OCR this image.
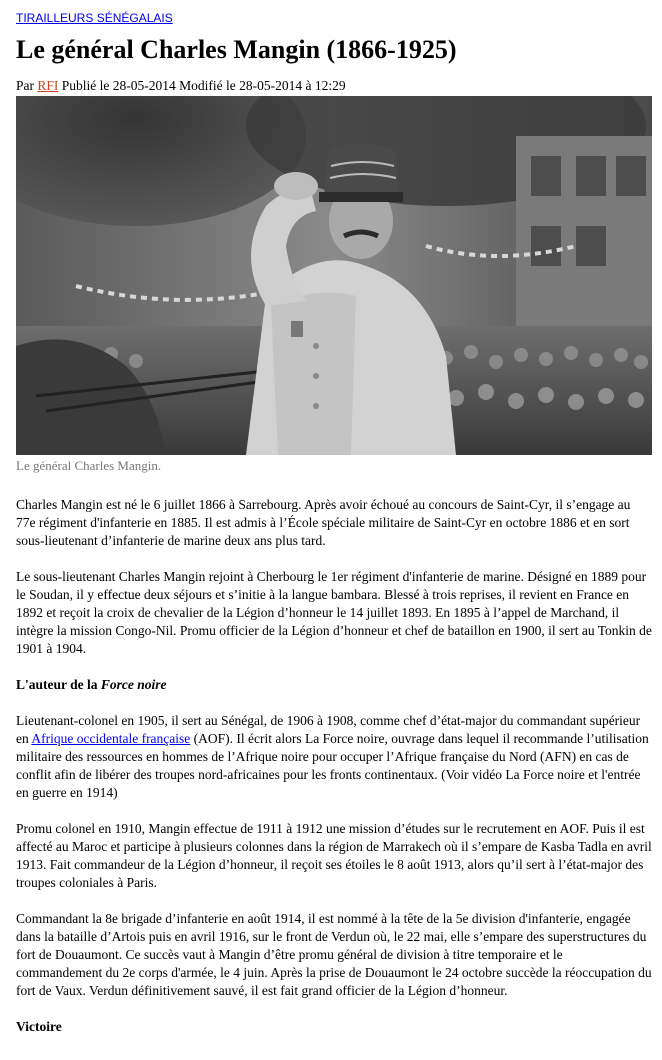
TIRAILLEURS SÉNÉGALAIS
Le général Charles Mangin (1866-1925)
Par RFI Publié le 28-05-2014 Modifié le 28-05-2014 à 12:29
Le général Charles Mangin.

Charles Mangin est né le 6 juillet 1866 à Sarrebourg. Après avoir échoué au concours de Saint-Cyr, il s’engage au 77e régiment d'infanterie en 1885. Il est admis à l’École spéciale militaire de Saint-Cyr en octobre 1886 et en sort sous-lieutenant d’infanterie de marine deux ans plus tard.

Le sous-lieutenant Charles Mangin rejoint à Cherbourg le 1er régiment d'infanterie de marine. Désigné en 1889 pour le Soudan, il y effectue deux séjours et s’initie à la langue bambara. Blessé à trois reprises, il revient en France en 1892 et reçoit la croix de chevalier de la Légion d’honneur le 14 juillet 1893. En 1895 à l’appel de Marchand, il intègre la mission Congo-Nil. Promu officier de la Légion d’honneur et chef de bataillon en 1900, il sert au Tonkin de 1901 à 1904.

L'auteur de la Force noire

Lieutenant-colonel en 1905, il sert au Sénégal, de 1906 à 1908, comme chef d’état-major du commandant supérieur en Afrique occidentale française (AOF). Il écrit alors La Force noire, ouvrage dans lequel il recommande l’utilisation militaire des ressources en hommes de l’Afrique noire pour occuper l’Afrique française du Nord (AFN) en cas de conflit afin de libérer des troupes nord-africaines pour les fronts continentaux. (Voir vidéo La Force noire et l'entrée en guerre en 1914)

Promu colonel en 1910, Mangin effectue de 1911 à 1912 une mission d’études sur le recrutement en AOF. Puis il est affecté au Maroc et participe à plusieurs colonnes dans la région de Marrakech où il s’empare de Kasba Tadla en avril 1913. Fait commandeur de la Légion d’honneur, il reçoit ses étoiles le 8 août 1913, alors qu’il sert à l’état-major des troupes coloniales à Paris.

Commandant la 8e brigade d’infanterie en août 1914, il est nommé à la tête de la 5e division d'infanterie, engagée dans la bataille d’Artois puis en avril 1916, sur le front de Verdun où, le 22 mai, elle s’empare des superstructures du fort de Douaumont. Ce succès vaut à Mangin d’être promu général de division à titre temporaire et le commandement du 2e corps d'armée, le 4 juin. Après la prise de Douaumont le 24 octobre succède la réoccupation du fort de Vaux. Verdun définitivement sauvé, il est fait grand officier de la Légion d’honneur.

Victoire
